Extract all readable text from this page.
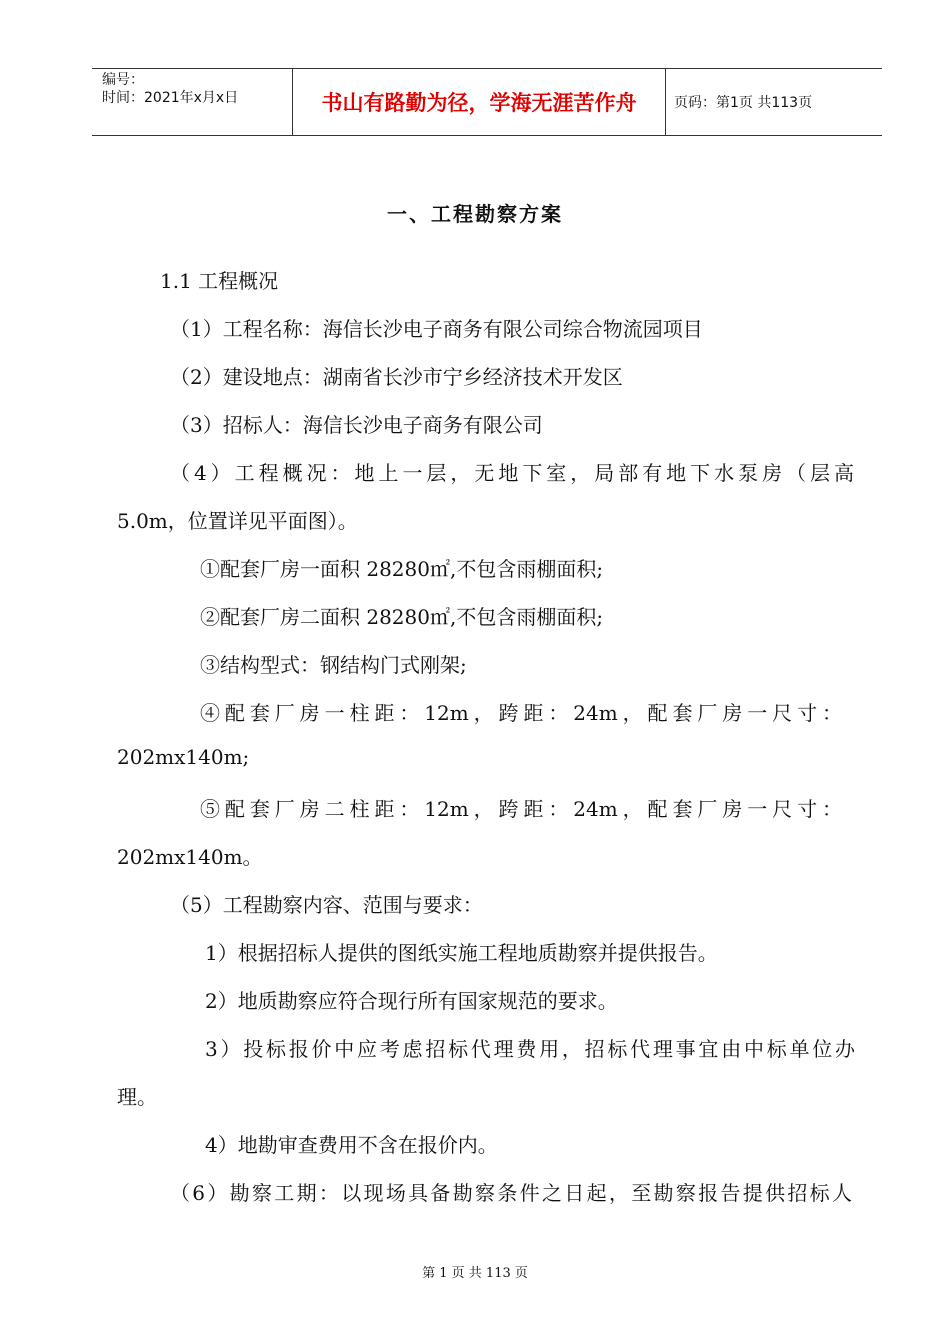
编号：
时间：2021年x月x日	书山有路勤为径，学海无涯苦作舟	页码：第1页 共113页
一、工程勘察方案
1.1 工程概况
（1）工程名称：海信长沙电子商务有限公司综合物流园项目
（2）建设地点：湖南省长沙市宁乡经济技术开发区
（3）招标人：海信长沙电子商务有限公司
（4）工程概况：地上一层，无地下室，局部有地下水泵房（层高
5.0m，位置详见平面图）。
①配套厂房一面积 28280㎡,不包含雨棚面积;
②配套厂房二面积 28280㎡,不包含雨棚面积;
③结构型式：钢结构门式刚架;
④配套厂房一柱距：12m，跨距：24m，配套厂房一尺寸：
202mx140m;
⑤配套厂房二柱距：12m，跨距：24m，配套厂房一尺寸：
202mx140m。
（5）工程勘察内容、范围与要求：
1）根据招标人提供的图纸实施工程地质勘察并提供报告。
2）地质勘察应符合现行所有国家规范的要求。
3）投标报价中应考虑招标代理费用，招标代理事宜由中标单位办
理。
4）地勘审查费用不含在报价内。
（6）勘察工期：以现场具备勘察条件之日起，至勘察报告提供招标人
第 1 页 共 113 页
